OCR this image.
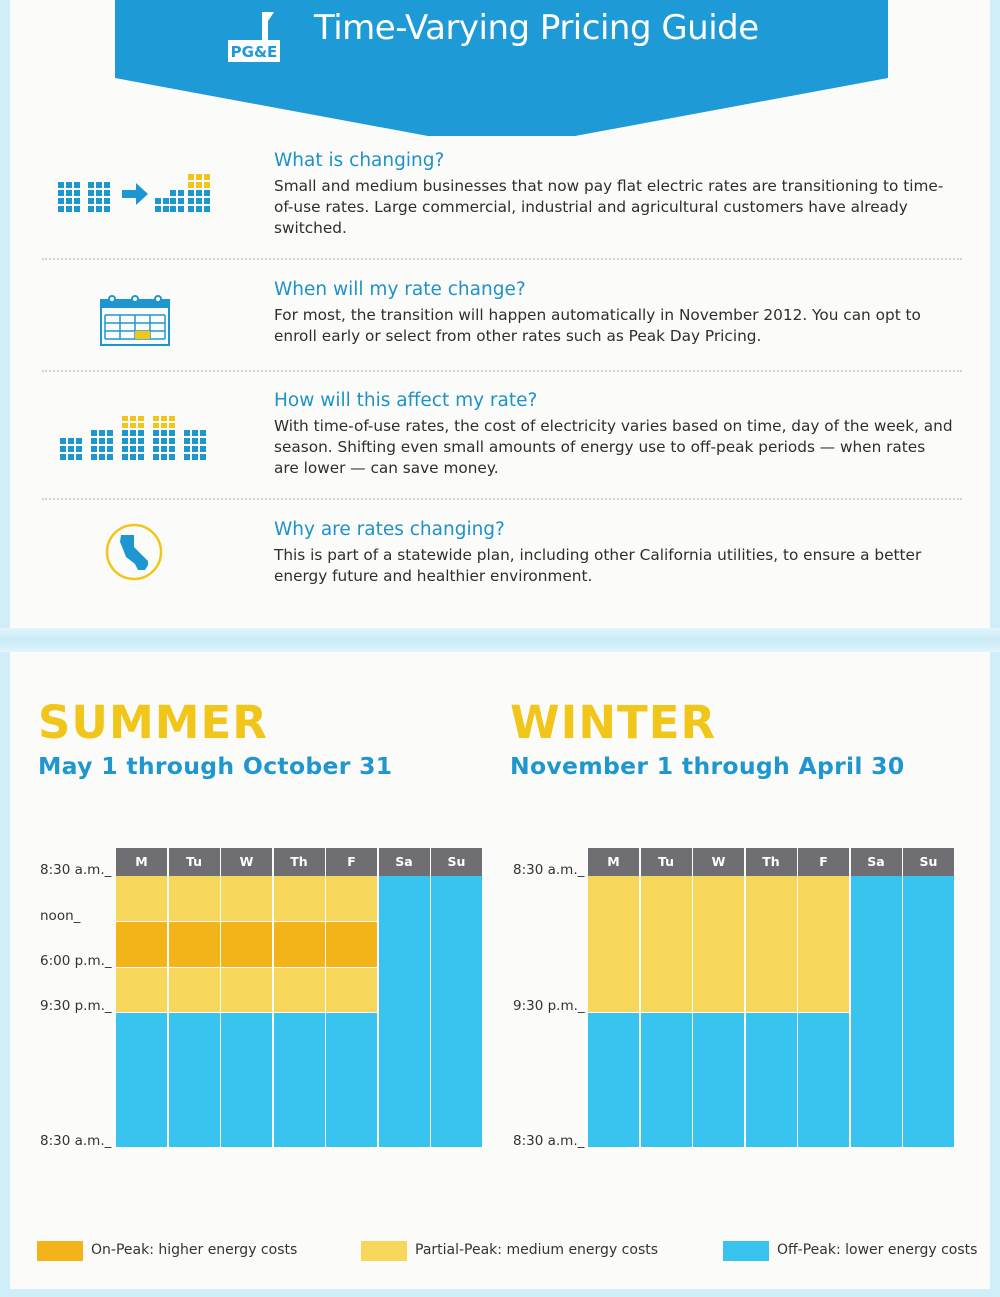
PG&E
Time-Varying Pricing Guide
What is changing?

Small and medium businesses that now pay flat electric rates are transitioning to time-of-use rates. Large commercial, industrial and agricultural customers have already switched.

When will my rate change?

For most, the transition will happen automatically in November 2012. You can opt to enroll early or select from other rates such as Peak Day Pricing.

How will this affect my rate?

With time-of-use rates, the cost of electricity varies based on time, day of the week, and season. Shifting even small amounts of energy use to off-peak periods — when rates are lower — can save money.

Why are rates changing?

This is part of a statewide plan, including other California utilities, to ensure a better energy future and healthier environment.

SUMMER
May 1 through October 31
WINTER
November 1 through April 30
On-Peak: higher energy costs	Partial-Peak: medium energy costs	Off-Peak: lower energy costs
M	Tu	W	Th	F	Sa	Su
8:30 a.m._
noon_
6:00 p.m._
9:30 p.m._
8:30 a.m._
M	Tu	W	Th	F	Sa	Su
8:30 a.m._
9:30 p.m._
8:30 a.m._
